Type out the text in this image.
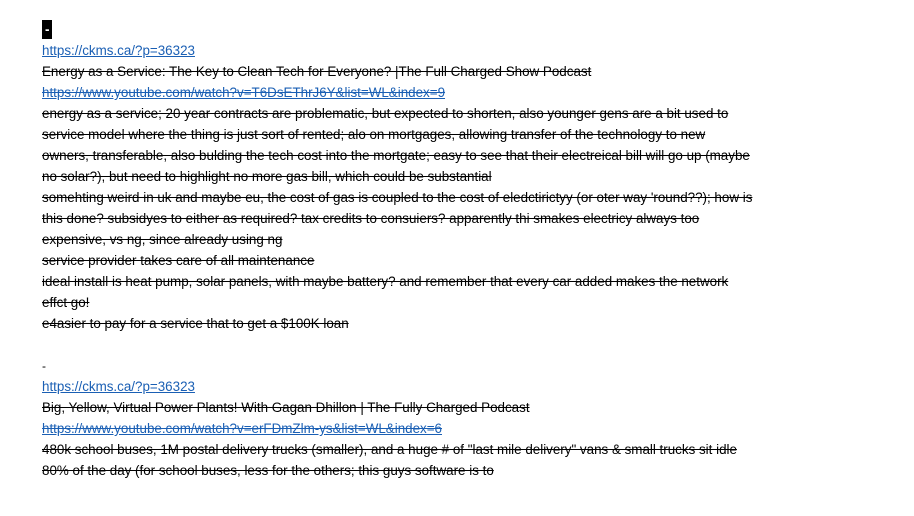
-
https://ckms.ca/?p=36323
Energy as a Service: The Key to Clean Tech for Everyone? |The Full Charged Show Podcast
https://www.youtube.com/watch?v=T6DsEThrJ6Y&list=WL&index=9
energy as a service; 20 year contracts are problematic, but expected to shorten, also younger gens are a bit used to
service model where the thing is just sort of rented; alo on mortgages, allowing transfer of the technology to new
owners, transferable, also bulding the tech cost into the mortgate; easy to see that their electreical bill will go up (maybe
no solar?), but need to highlight no more gas bill, which could be substantial
somehting weird in uk and maybe eu, the cost of gas is coupled to the cost of eledctirictyy (or oter way 'round??); how is
this done? subsidyes to either as required? tax credits to consuiers? apparently thi smakes electricy always too
expensive, vs ng, since already using ng
service provider takes care of all maintenance
ideal install is heat pump, solar panels, with maybe battery? and remember that every car added makes the network
effct go!
e4asier to pay for a service that to get a $100K loan
-
https://ckms.ca/?p=36323
Big, Yellow, Virtual Power Plants! With Gagan Dhillon | The Fully Charged Podcast
https://www.youtube.com/watch?v=erFDmZlm-ys&list=WL&index=6
480k school buses, 1M postal delivery trucks (smaller), and a huge # of "last mile delivery" vans & small trucks sit idle
80% of the day (for school buses, less for the others; this guys software is to
